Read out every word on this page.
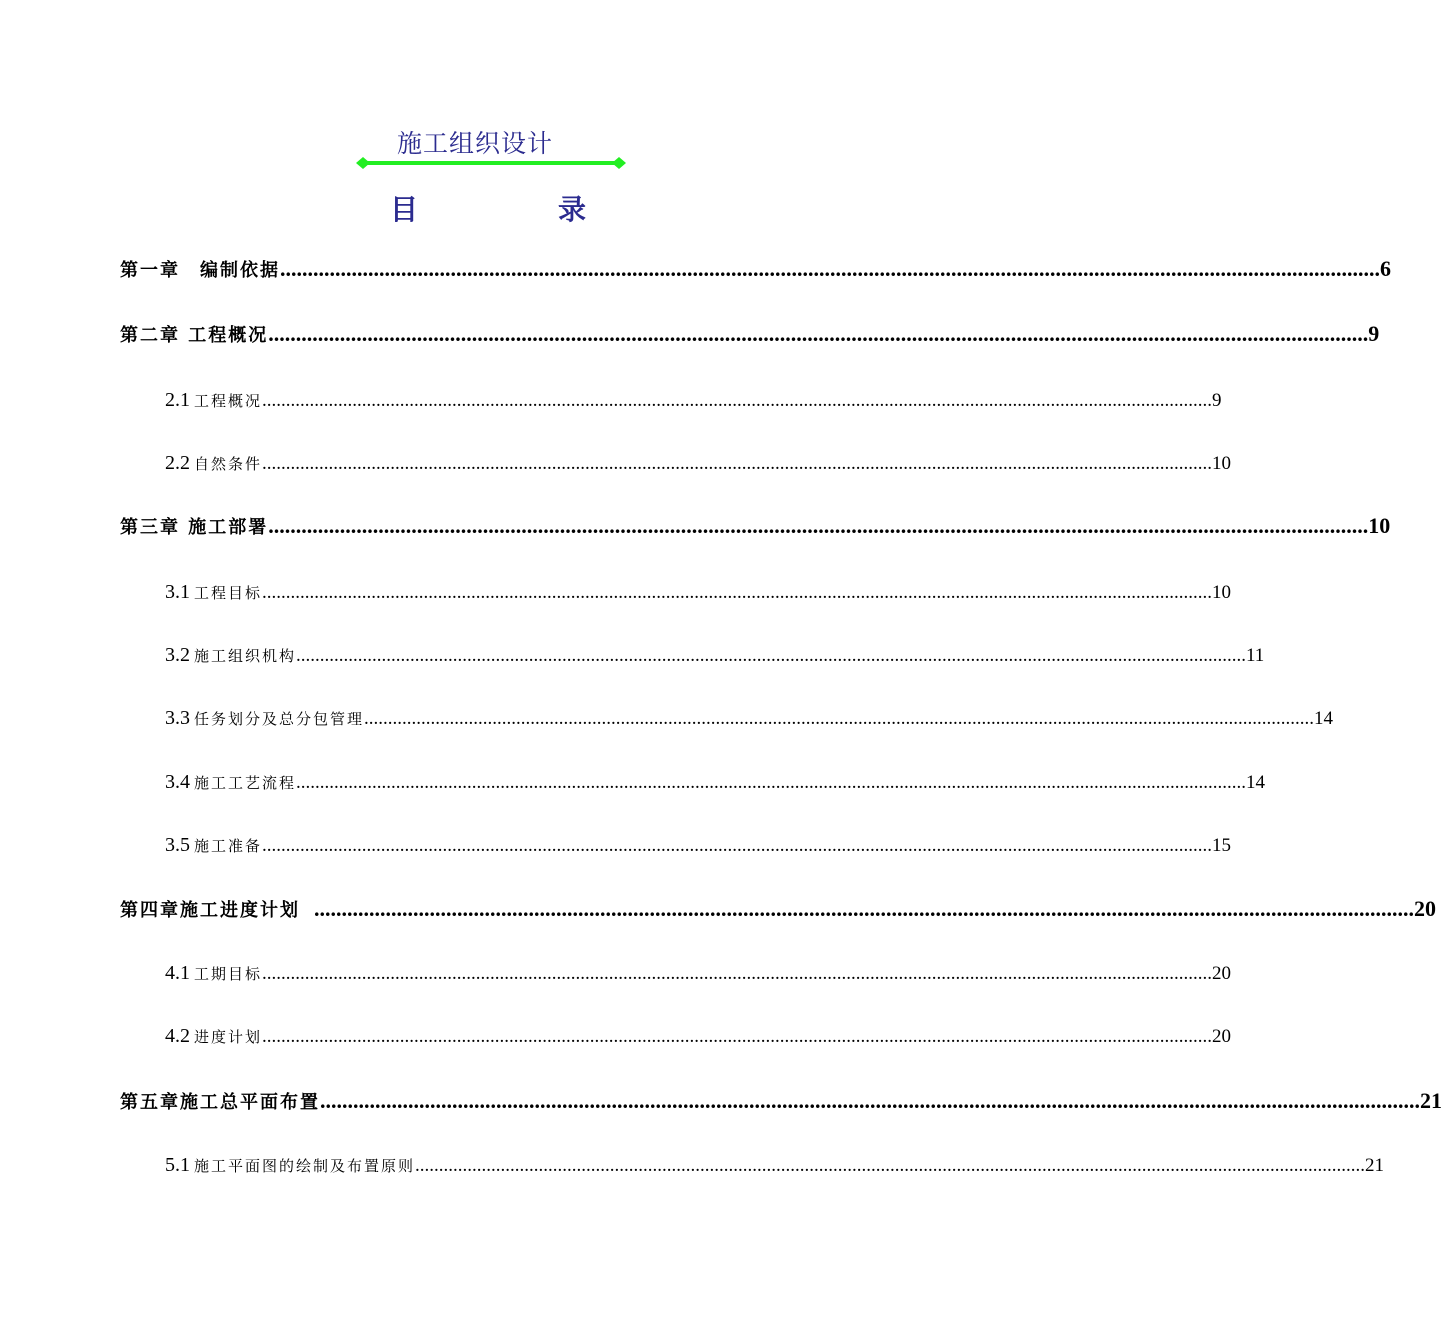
施工组织设计
目	录
第一章　编制依据 ........................................................................................................................................................................................................ 6
第二章 工程概况 ........................................................................................................................................................................................................ 9
2.1 工程概况 ........................................................................................................................................................................................................ 9
2.2 自然条件 ........................................................................................................................................................................................................ 10
第三章 施工部署 ........................................................................................................................................................................................................ 10
3.1 工程目标 ........................................................................................................................................................................................................ 10
3.2 施工组织机构 ........................................................................................................................................................................................................ 11
3.3 任务划分及总分包管理 ........................................................................................................................................................................................................ 14
3.4 施工工艺流程 ........................................................................................................................................................................................................ 14
3.5 施工准备 ........................................................................................................................................................................................................ 15
第四章施工进度计划 ........................................................................................................................................................................................................ 20
4.1 工期目标 ........................................................................................................................................................................................................ 20
4.2 进度计划 ........................................................................................................................................................................................................ 20
第五章施工总平面布置 ........................................................................................................................................................................................................ 21
5.1 施工平面图的绘制及布置原则 ........................................................................................................................................................................................................ 21
